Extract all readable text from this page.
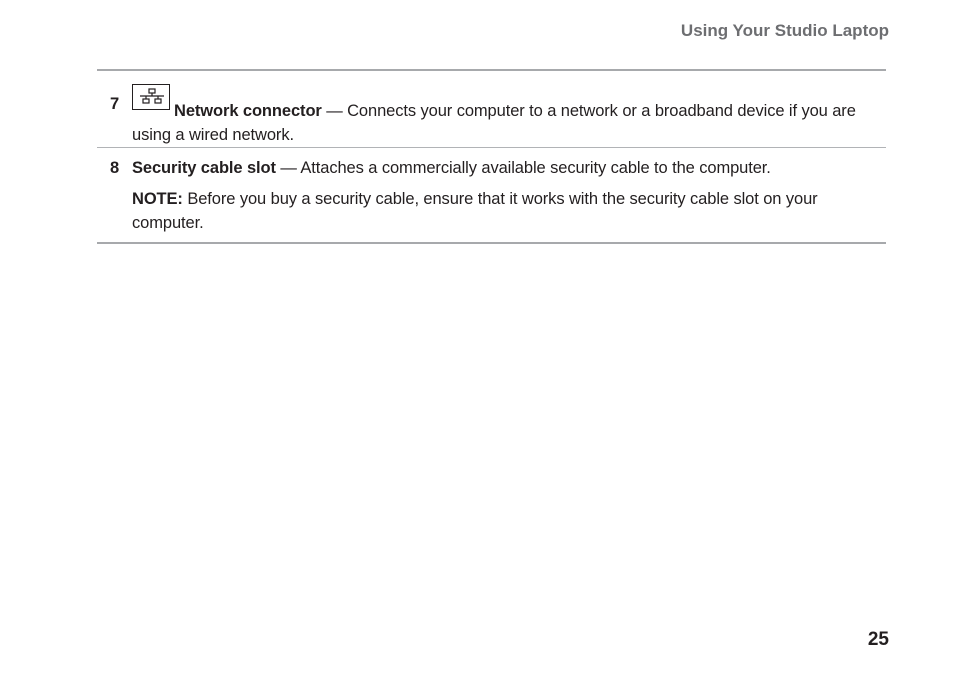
Using Your Studio Laptop
7	Network connector — Connects your computer to a network or a broadband device if you are using a wired network.

8 Security cable slot — Attaches a commercially available security cable to the computer.

NOTE: Before you buy a security cable, ensure that it works with the security cable slot on your computer.

25
